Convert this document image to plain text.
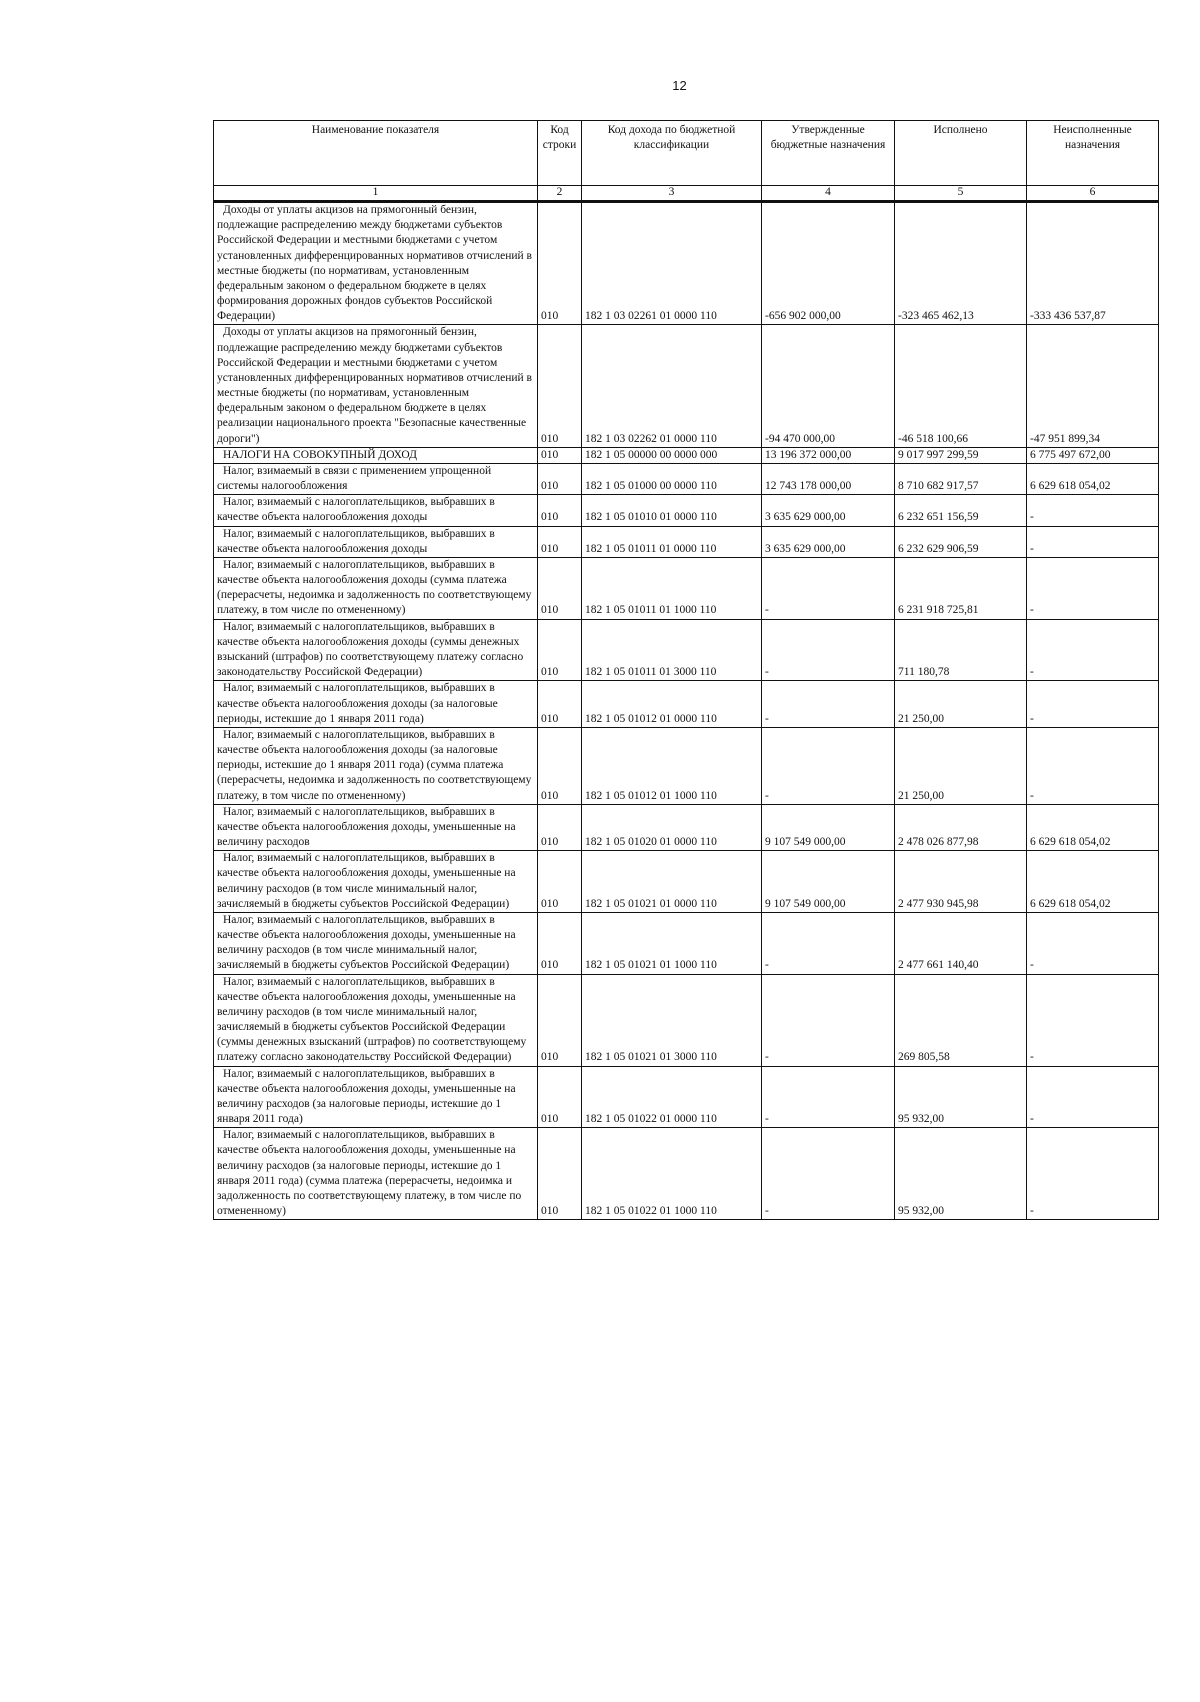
12
Наименование показателя	Код строки	Код дохода по бюджетной классификации	Утвержденные бюджетные назначения	Исполнено	Неисполненные назначения
1	2	3	4	5	6
Доходы от уплаты акцизов на прямогонный бензин, подлежащие распределению между бюджетами субъектов Российской Федерации и местными бюджетами с учетом установленных дифференцированных нормативов отчислений в местные бюджеты (по нормативам, установленным федеральным законом о федеральном бюджете в целях формирования дорожных фондов субъектов Российской Федерации)	010	182 1 03 02261 01 0000 110	-656 902 000,00	-323 465 462,13	-333 436 537,87
Доходы от уплаты акцизов на прямогонный бензин, подлежащие распределению между бюджетами субъектов Российской Федерации и местными бюджетами с учетом установленных дифференцированных нормативов отчислений в местные бюджеты (по нормативам, установленным федеральным законом о федеральном бюджете в целях реализации национального проекта "Безопасные качественные дороги")	010	182 1 03 02262 01 0000 110	-94 470 000,00	-46 518 100,66	-47 951 899,34
НАЛОГИ НА СОВОКУПНЫЙ ДОХОД	010	182 1 05 00000 00 0000 000	13 196 372 000,00	9 017 997 299,59	6 775 497 672,00
Налог, взимаемый в связи с применением упрощенной системы налогообложения	010	182 1 05 01000 00 0000 110	12 743 178 000,00	8 710 682 917,57	6 629 618 054,02
Налог, взимаемый с налогоплательщиков, выбравших в качестве объекта налогообложения доходы	010	182 1 05 01010 01 0000 110	3 635 629 000,00	6 232 651 156,59	-
Налог, взимаемый с налогоплательщиков, выбравших в качестве объекта налогообложения доходы	010	182 1 05 01011 01 0000 110	3 635 629 000,00	6 232 629 906,59	-
Налог, взимаемый с налогоплательщиков, выбравших в качестве объекта налогообложения доходы (сумма платежа (перерасчеты, недоимка и задолженность по соответствующему платежу, в том числе по отмененному)	010	182 1 05 01011 01 1000 110	-	6 231 918 725,81	-
Налог, взимаемый с налогоплательщиков, выбравших в качестве объекта налогообложения доходы (суммы денежных взысканий (штрафов) по соответствующему платежу согласно законодательству Российской Федерации)	010	182 1 05 01011 01 3000 110	-	711 180,78	-
Налог, взимаемый с налогоплательщиков, выбравших в качестве объекта налогообложения доходы (за налоговые периоды, истекшие до 1 января 2011 года)	010	182 1 05 01012 01 0000 110	-	21 250,00	-
Налог, взимаемый с налогоплательщиков, выбравших в качестве объекта налогообложения доходы (за налоговые периоды, истекшие до 1 января 2011 года) (сумма платежа (перерасчеты, недоимка и задолженность по соответствующему платежу, в том числе по отмененному)	010	182 1 05 01012 01 1000 110	-	21 250,00	-
Налог, взимаемый с налогоплательщиков, выбравших в качестве объекта налогообложения доходы, уменьшенные на величину расходов	010	182 1 05 01020 01 0000 110	9 107 549 000,00	2 478 026 877,98	6 629 618 054,02
Налог, взимаемый с налогоплательщиков, выбравших в качестве объекта налогообложения доходы, уменьшенные на величину расходов (в том числе минимальный налог, зачисляемый в бюджеты субъектов Российской Федерации)	010	182 1 05 01021 01 0000 110	9 107 549 000,00	2 477 930 945,98	6 629 618 054,02
Налог, взимаемый с налогоплательщиков, выбравших в качестве объекта налогообложения доходы, уменьшенные на величину расходов (в том числе минимальный налог, зачисляемый в бюджеты субъектов Российской Федерации)	010	182 1 05 01021 01 1000 110	-	2 477 661 140,40	-
Налог, взимаемый с налогоплательщиков, выбравших в качестве объекта налогообложения доходы, уменьшенные на величину расходов (в том числе минимальный налог, зачисляемый в бюджеты субъектов Российской Федерации (суммы денежных взысканий (штрафов) по соответствующему платежу согласно законодательству Российской Федерации)	010	182 1 05 01021 01 3000 110	-	269 805,58	-
Налог, взимаемый с налогоплательщиков, выбравших в качестве объекта налогообложения доходы, уменьшенные на величину расходов (за налоговые периоды, истекшие до 1 января 2011 года)	010	182 1 05 01022 01 0000 110	-	95 932,00	-
Налог, взимаемый с налогоплательщиков, выбравших в качестве объекта налогообложения доходы, уменьшенные на величину расходов (за налоговые периоды, истекшие до 1 января 2011 года) (сумма платежа (перерасчеты, недоимка и задолженность по соответствующему платежу, в том числе по отмененному)	010	182 1 05 01022 01 1000 110	-	95 932,00	-
